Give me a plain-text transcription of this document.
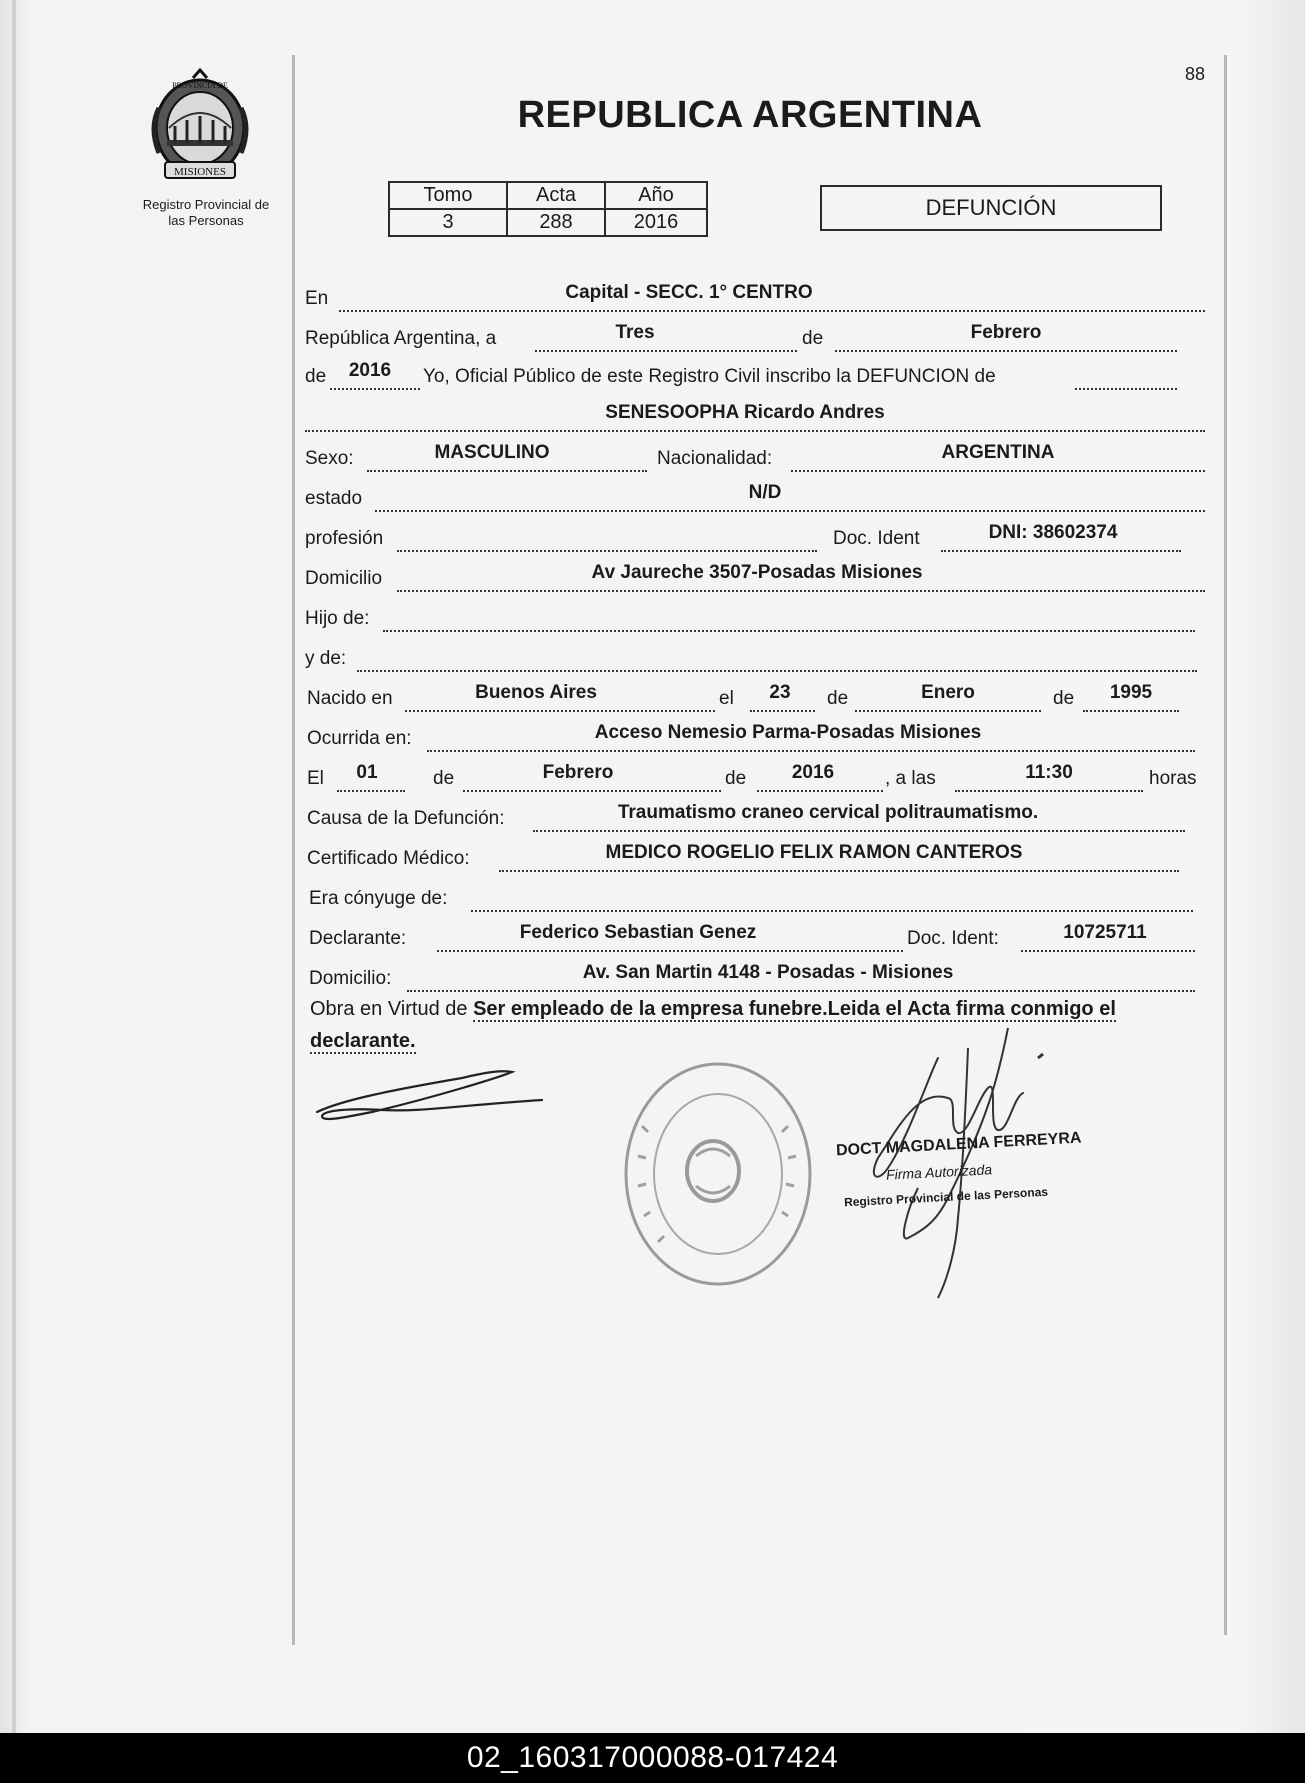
88
PROVINCIA DE
MISIONES
Registro Provincial de
las Personas
REPUBLICA ARGENTINA
Tomo	Acta	Año
3	288	2016
DEFUNCIÓN
En	Capital - SECC. 1° CENTRO
República Argentina, a	Tres	de	Febrero
de	2016	Yo, Oficial Público de este Registro Civil inscribo la DEFUNCION de
SENESOOPHA Ricardo Andres
Sexo:	MASCULINO	Nacionalidad:	ARGENTINA
estado	N/D
profesión	Doc. Ident	DNI: 38602374
Domicilio	Av Jaureche 3507-Posadas Misiones
Hijo de:
y de:
Nacido en	Buenos Aires	el	23	de	Enero	de	1995
Ocurrida en:	Acceso Nemesio Parma-Posadas Misiones
El	01	de	Febrero	de	2016	, a las	11:30	horas
Causa de la Defunción:	Traumatismo craneo cervical politraumatismo.
Certificado Médico:	MEDICO ROGELIO FELIX RAMON CANTEROS
Era cónyuge de:
Declarante:	Federico Sebastian Genez	Doc. Ident:	10725711
Domicilio:	Av. San Martin 4148 - Posadas - Misiones
Obra en Virtud de Ser empleado de la empresa funebre.Leida el Acta firma conmigo el declarante.
DOCT MAGDALENA FERREYRA
Firma Autorizada
Registro Provincial de las Personas
02_160317000088-017424
